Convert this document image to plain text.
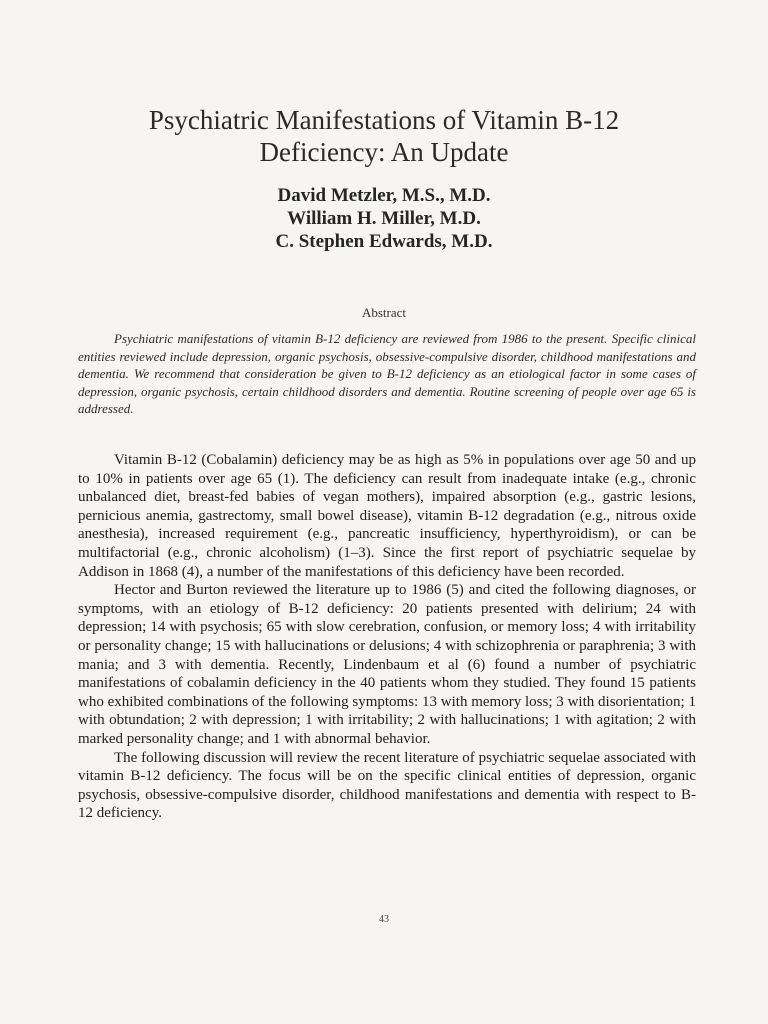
Psychiatric Manifestations of Vitamin B-12
Deficiency: An Update
David Metzler, M.S., M.D.
William H. Miller, M.D.
C. Stephen Edwards, M.D.
Abstract

Psychiatric manifestations of vitamin B-12 deficiency are reviewed from 1986 to the present. Specific clinical entities reviewed include depression, organic psychosis, obsessive-compulsive disorder, childhood manifestations and dementia. We recommend that consideration be given to B-12 deficiency as an etiological factor in some cases of depression, organic psychosis, certain childhood disorders and dementia. Routine screening of people over age 65 is addressed.

Vitamin B-12 (Cobalamin) deficiency may be as high as 5% in populations over age 50 and up to 10% in patients over age 65 (1). The deficiency can result from inadequate intake (e.g., chronic unbalanced diet, breast-fed babies of vegan mothers), impaired absorption (e.g., gastric lesions, pernicious anemia, gastrectomy, small bowel disease), vitamin B-12 degradation (e.g., nitrous oxide anesthesia), increased requirement (e.g., pancreatic insufficiency, hyperthyroidism), or can be multifactorial (e.g., chronic alcoholism) (1–3). Since the first report of psychiatric sequelae by Addison in 1868 (4), a number of the manifestations of this deficiency have been recorded.

Hector and Burton reviewed the literature up to 1986 (5) and cited the following diagnoses, or symptoms, with an etiology of B-12 deficiency: 20 patients presented with delirium; 24 with depression; 14 with psychosis; 65 with slow cerebration, confusion, or memory loss; 4 with irritability or personality change; 15 with hallucinations or delusions; 4 with schizophrenia or paraphrenia; 3 with mania; and 3 with dementia. Recently, Lindenbaum et al (6) found a number of psychiatric manifestations of cobalamin deficiency in the 40 patients whom they studied. They found 15 patients who exhibited combinations of the following symptoms: 13 with memory loss; 3 with disorientation; 1 with obtundation; 2 with depression; 1 with irritability; 2 with hallucinations; 1 with agitation; 2 with marked personality change; and 1 with abnormal behavior.

The following discussion will review the recent literature of psychiatric sequelae associated with vitamin B-12 deficiency. The focus will be on the specific clinical entities of depression, organic psychosis, obsessive-compulsive disorder, childhood manifestations and dementia with respect to B-12 deficiency.

43
